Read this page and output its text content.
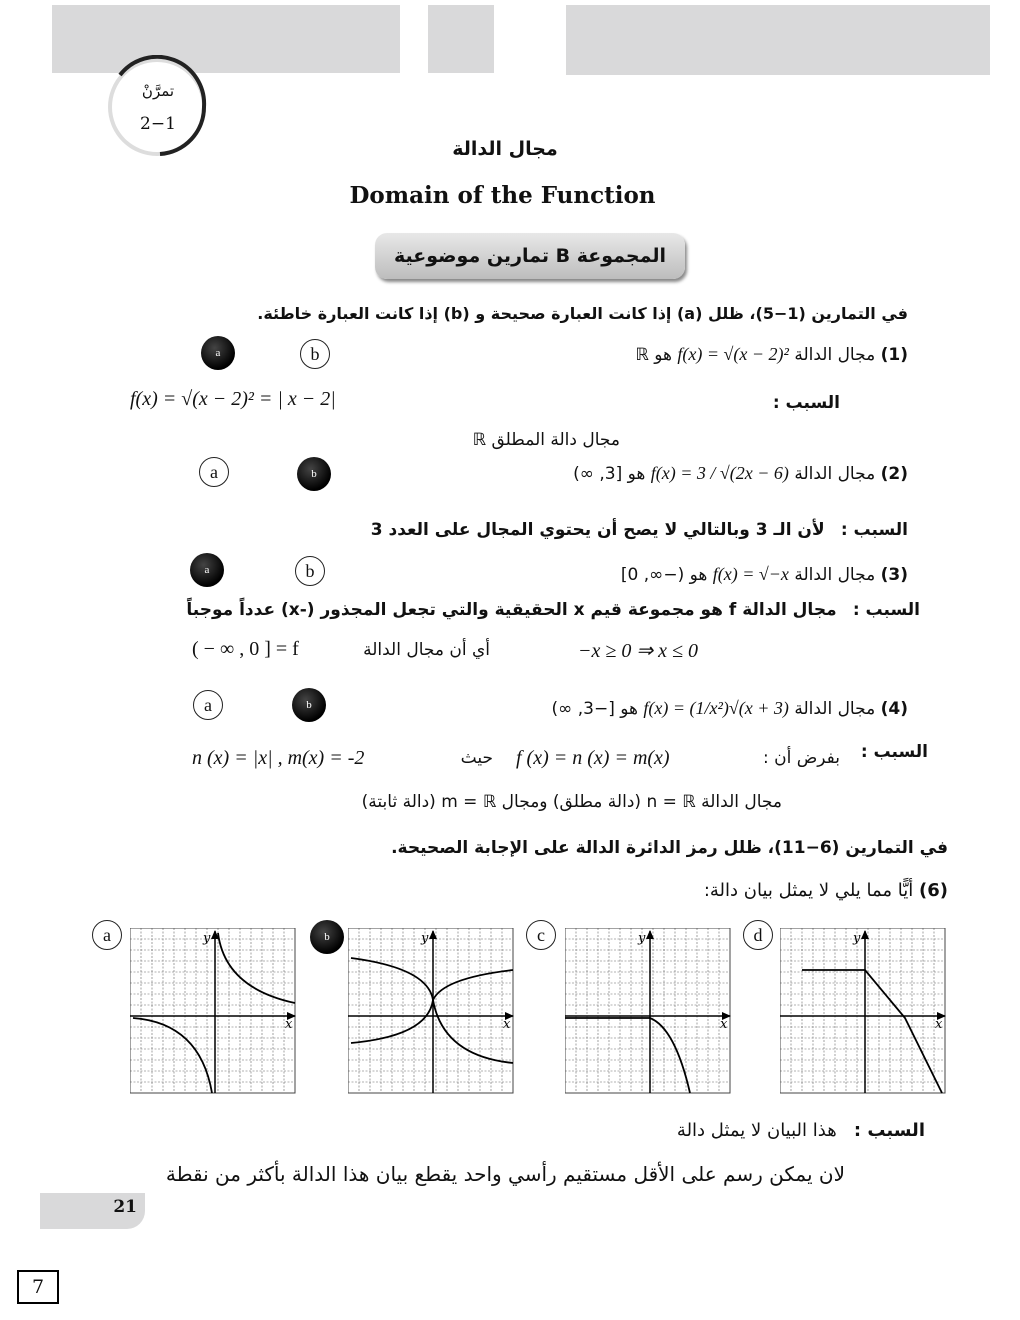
تمرَّنْ
2−1
مجال الدالة
Domain of the Function
المجموعة B تمارين موضوعية
في التمارين (1−5)، ظلل (a) إذا كانت العبارة صحيحة و (b) إذا كانت العبارة خاطئة.
a	b	(1) مجال الدالة f(x) = √(x − 2)² هو ℝ
f(x) = √(x − 2)² = | x − 2|	السبب :
مجال دالة المطلق ℝ
a	b	(2) مجال الدالة f(x) = 3 / √(2x − 6) هو [3, ∞)
السبب :   لأن الـ 3 وبالتالي لا يصح أن يحتوي المجال على العدد 3
a	b	(3) مجال الدالة f(x) = √−x هو (−∞, 0]
السبب :   مجال الدالة f هو مجموعة قيم x الحقيقية والتي تجعل المجذور (-x) عدداً موجباً
( − ∞ , 0 ] = f	أي أن مجال الدالة	−x ≥ 0 ⇒ x ≤ 0
a	b	(4) مجال الدالة f(x) = (1/x²)√(x + 3) هو [−3, ∞)
السبب :
بفرض أن :
f (x) = n (x) = m(x)
حيث
n (x) = |x| , m(x) = -2
مجال الدالة n = ℝ (دالة مطلق) ومجال m = ℝ (دالة ثابتة)
في التمارين (6−11)، ظلل رمز الدائرة الدالة على الإجابة الصحيحة.
(6) أيًّا مما يلي لا يمثل بيان دالة:
a	y
x
b	y
x
c	y
x
d	y
x
السبب :   هذا البيان لا يمثل دالة
لان يمكن رسم على الأقل مستقيم رأسي واحد يقطع بيان هذا الدالة بأكثر من نقطة
21
7
